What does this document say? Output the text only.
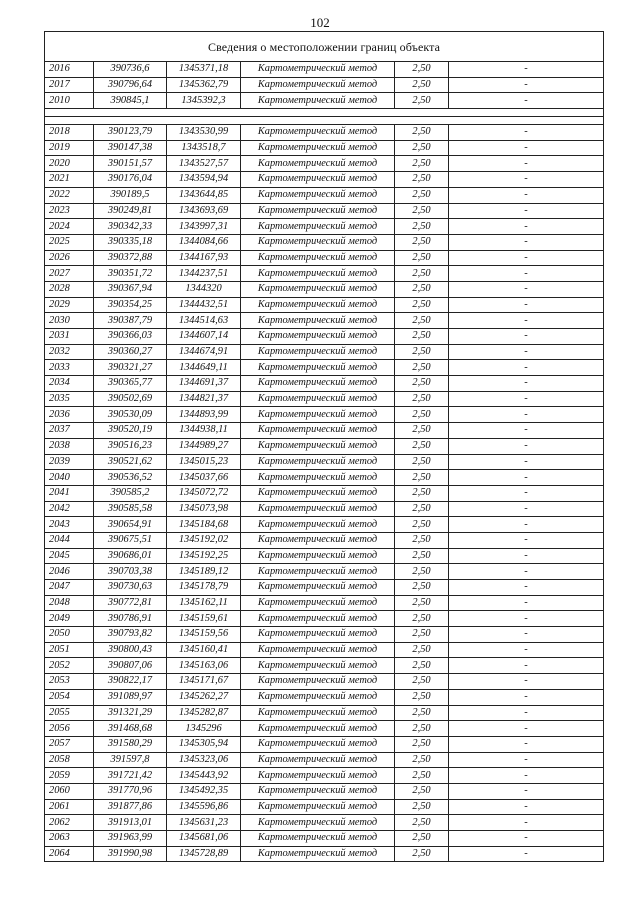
102
Сведения о местоположении границ объекта					
2016	390736,6	1345371,18	Картометрический метод	2,50	-
2017	390796,64	1345362,79	Картометрический метод	2,50	-
2010	390845,1	1345392,3	Картометрический метод	2,50	-

2018	390123,79	1343530,99	Картометрический метод	2,50	-
2019	390147,38	1343518,7	Картометрический метод	2,50	-
2020	390151,57	1343527,57	Картометрический метод	2,50	-
2021	390176,04	1343594,94	Картометрический метод	2,50	-
2022	390189,5	1343644,85	Картометрический метод	2,50	-
2023	390249,81	1343693,69	Картометрический метод	2,50	-
2024	390342,33	1343997,31	Картометрический метод	2,50	-
2025	390335,18	1344084,66	Картометрический метод	2,50	-
2026	390372,88	1344167,93	Картометрический метод	2,50	-
2027	390351,72	1344237,51	Картометрический метод	2,50	-
2028	390367,94	1344320	Картометрический метод	2,50	-
2029	390354,25	1344432,51	Картометрический метод	2,50	-
2030	390387,79	1344514,63	Картометрический метод	2,50	-
2031	390366,03	1344607,14	Картометрический метод	2,50	-
2032	390360,27	1344674,91	Картометрический метод	2,50	-
2033	390321,27	1344649,11	Картометрический метод	2,50	-
2034	390365,77	1344691,37	Картометрический метод	2,50	-
2035	390502,69	1344821,37	Картометрический метод	2,50	-
2036	390530,09	1344893,99	Картометрический метод	2,50	-
2037	390520,19	1344938,11	Картометрический метод	2,50	-
2038	390516,23	1344989,27	Картометрический метод	2,50	-
2039	390521,62	1345015,23	Картометрический метод	2,50	-
2040	390536,52	1345037,66	Картометрический метод	2,50	-
2041	390585,2	1345072,72	Картометрический метод	2,50	-
2042	390585,58	1345073,98	Картометрический метод	2,50	-
2043	390654,91	1345184,68	Картометрический метод	2,50	-
2044	390675,51	1345192,02	Картометрический метод	2,50	-
2045	390686,01	1345192,25	Картометрический метод	2,50	-
2046	390703,38	1345189,12	Картометрический метод	2,50	-
2047	390730,63	1345178,79	Картометрический метод	2,50	-
2048	390772,81	1345162,11	Картометрический метод	2,50	-
2049	390786,91	1345159,61	Картометрический метод	2,50	-
2050	390793,82	1345159,56	Картометрический метод	2,50	-
2051	390800,43	1345160,41	Картометрический метод	2,50	-
2052	390807,06	1345163,06	Картометрический метод	2,50	-
2053	390822,17	1345171,67	Картометрический метод	2,50	-
2054	391089,97	1345262,27	Картометрический метод	2,50	-
2055	391321,29	1345282,87	Картометрический метод	2,50	-
2056	391468,68	1345296	Картометрический метод	2,50	-
2057	391580,29	1345305,94	Картометрический метод	2,50	-
2058	391597,8	1345323,06	Картометрический метод	2,50	-
2059	391721,42	1345443,92	Картометрический метод	2,50	-
2060	391770,96	1345492,35	Картометрический метод	2,50	-
2061	391877,86	1345596,86	Картометрический метод	2,50	-
2062	391913,01	1345631,23	Картометрический метод	2,50	-
2063	391963,99	1345681,06	Картометрический метод	2,50	-
2064	391990,98	1345728,89	Картометрический метод	2,50	-
